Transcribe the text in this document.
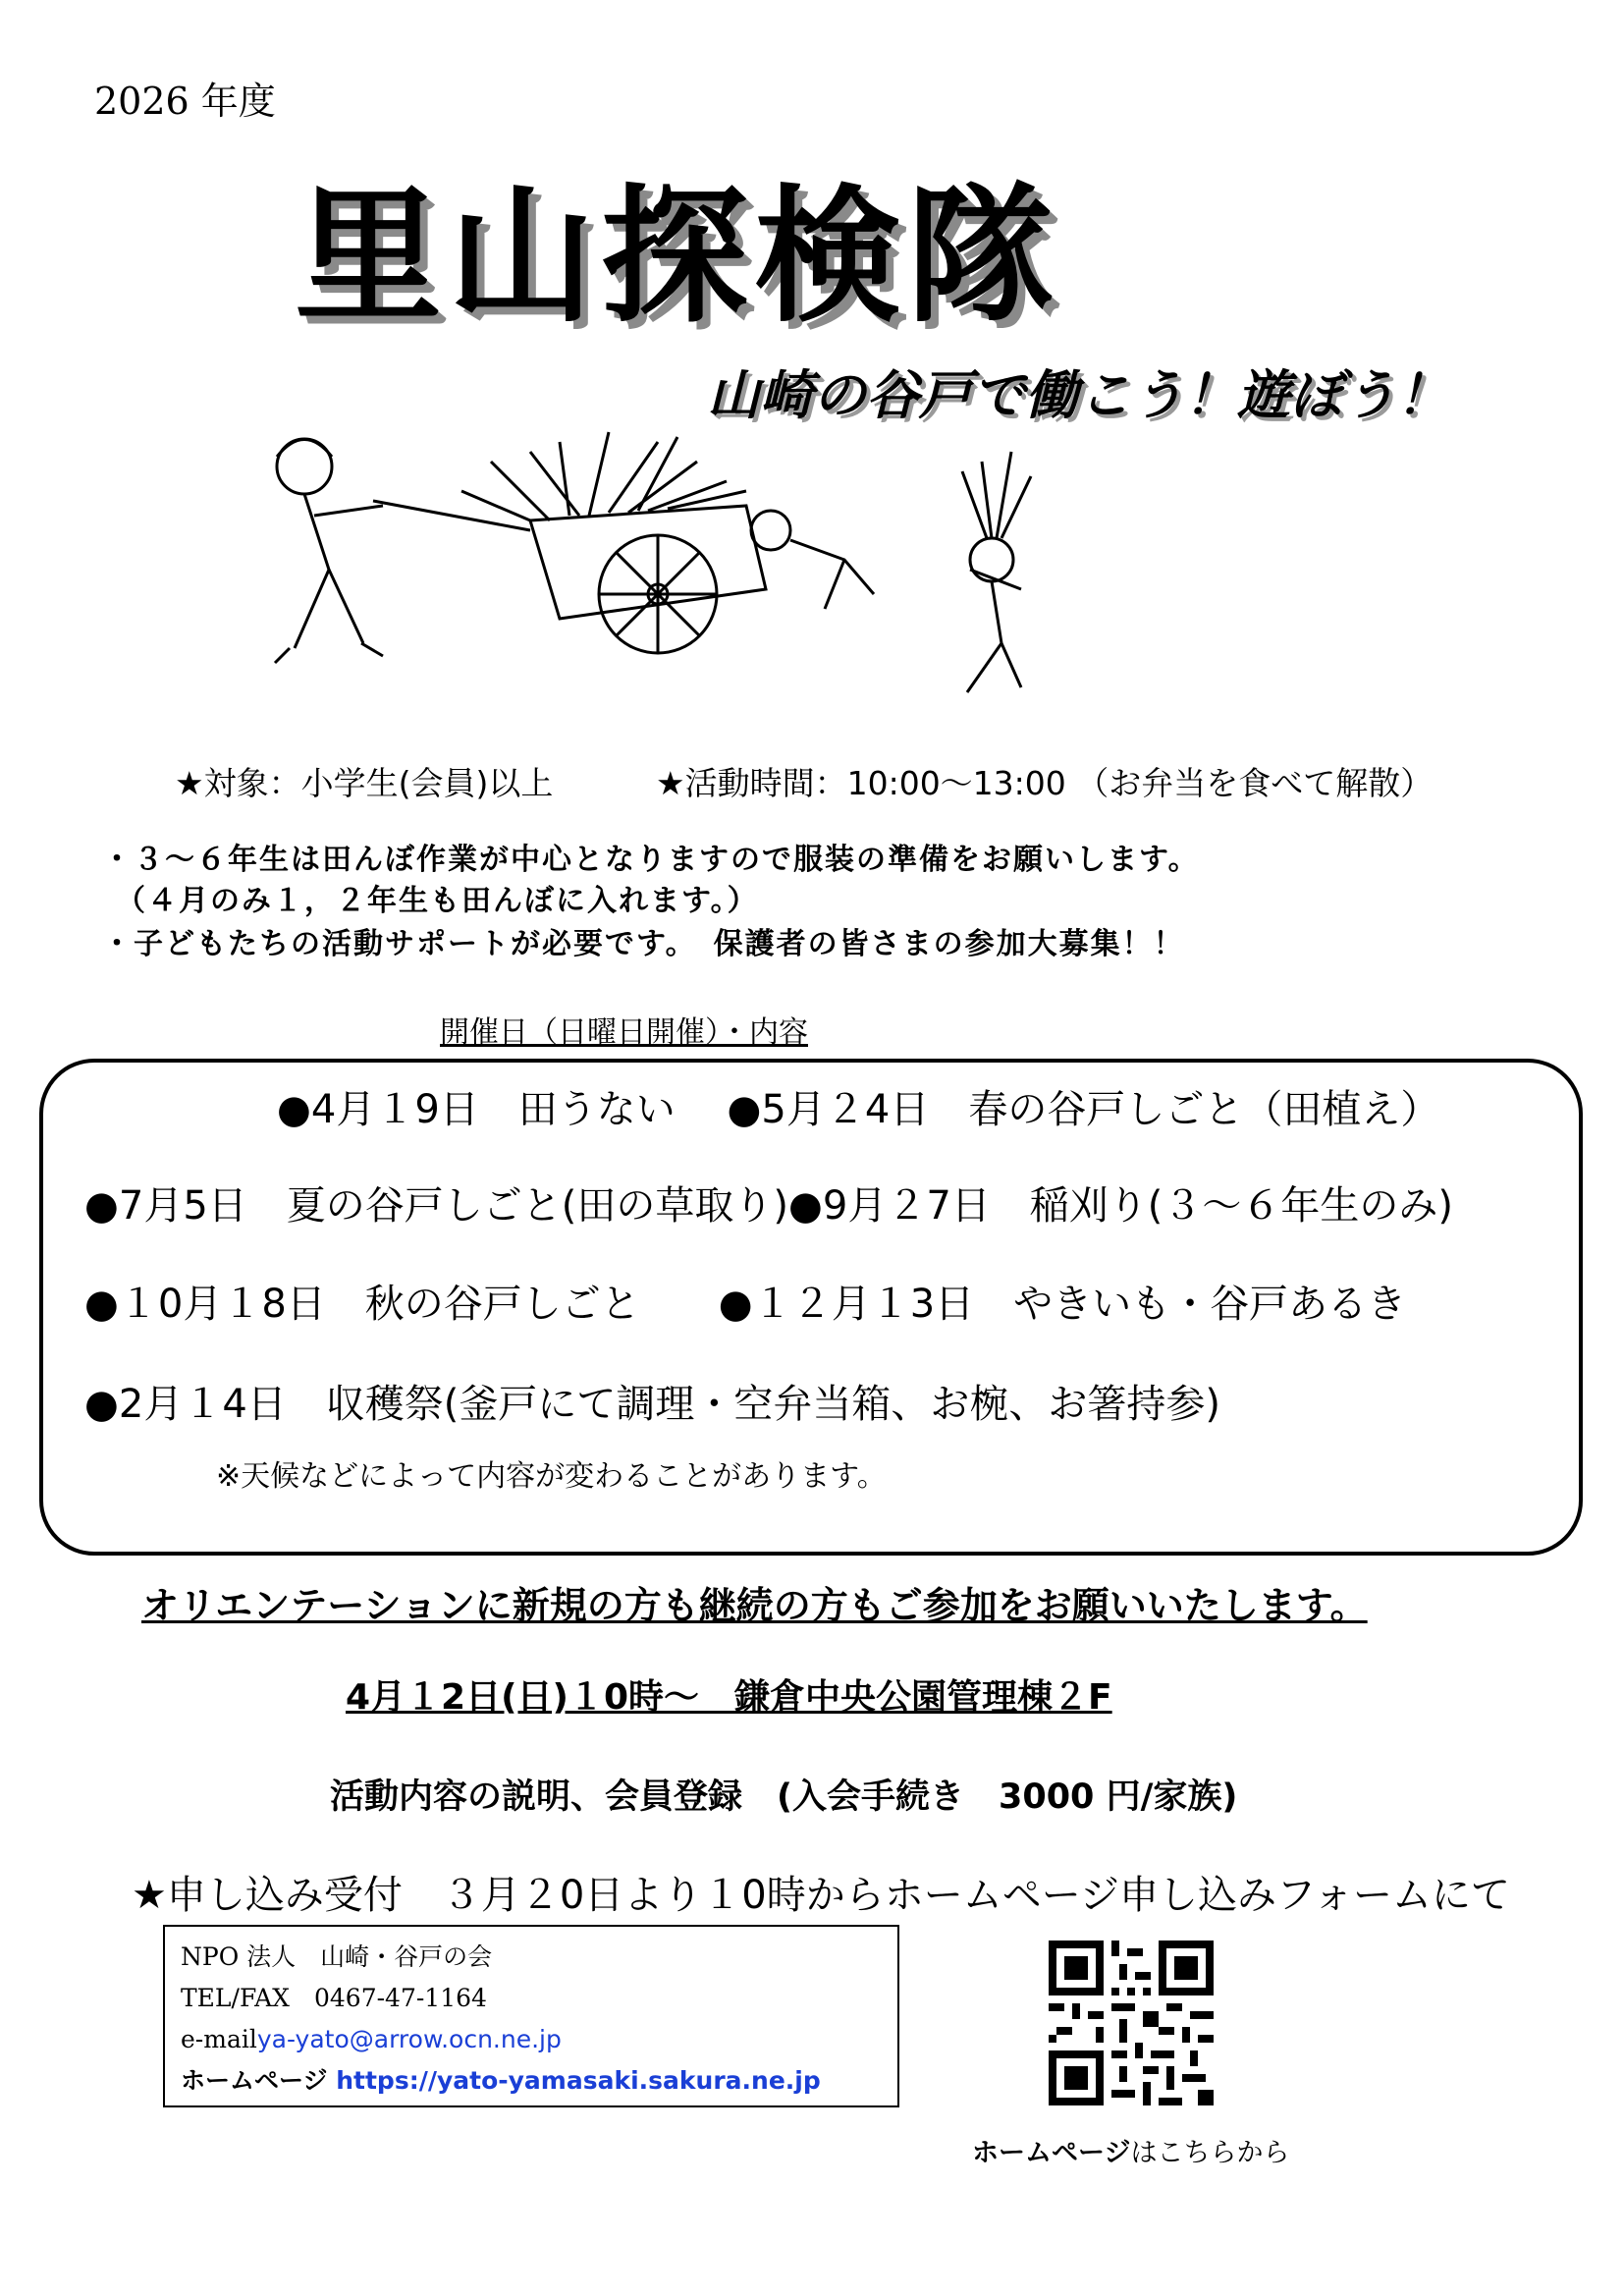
2026 年度
里山探検隊
山崎の谷戸で働こう！遊ぼう！
★対象：小学生(会員)以上	★活動時間：10:00～13:00 （お弁当を食べて解散）
・３～６年生は田んぼ作業が中心となりますので服装の準備をお願いします。
（４月のみ１，２年生も田んぼに入れます。）
・子どもたちの活動サポートが必要です。　保護者の皆さまの参加大募集！！
開催日（日曜日開催）・内容
●4月１9日　田うない　 ●5月２4日　春の谷戸しごと（田植え）
●7月5日　夏の谷戸しごと(田の草取り)●9月２7日　稲刈り(３～６年生のみ)
●１0月１8日　秋の谷戸しごと　　●１２月１3日　やきいも・谷戸あるき
●2月１4日　収穫祭(釜戸にて調理・空弁当箱、お椀、お箸持参)
※天候などによって内容が変わることがあります。
オリエンテーションに新規の方も継続の方もご参加をお願いいたします。
4月１2日(日)１0時～　鎌倉中央公園管理棟２F
活動内容の説明、会員登録　(入会手続き　3000 円/家族)
★申し込み受付　３月２0日より１0時からホームページ申し込みフォームにて
NPO 法人　山崎・谷戸の会
TEL/FAX　0467-47-1164
e-mailya-yato@arrow.ocn.ne.jp
ホームページ https://yato-yamasaki.sakura.ne.jp
ホームページはこちらから
